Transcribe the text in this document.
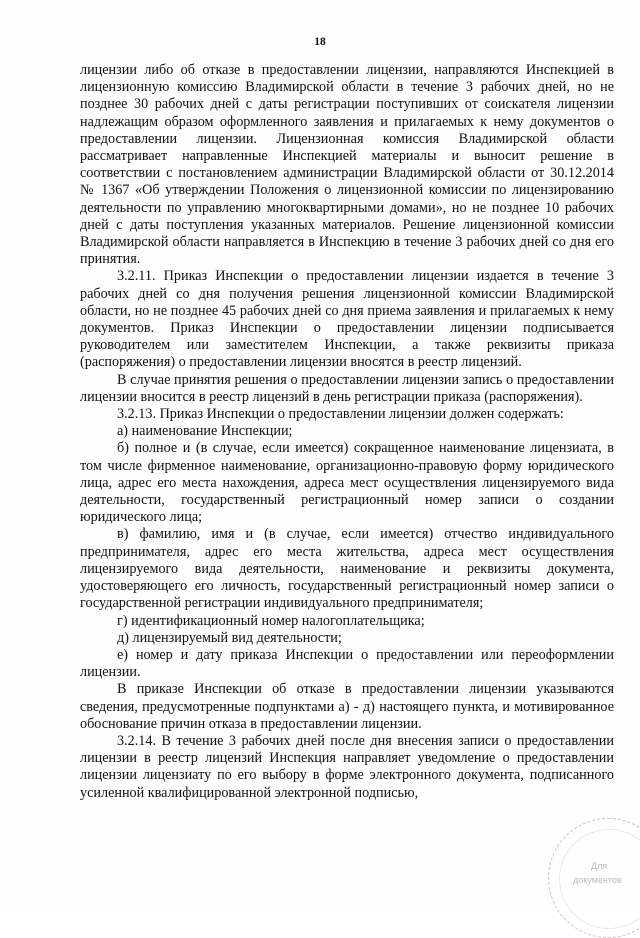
18

лицензии либо об отказе в предоставлении лицензии, направляются Инспекцией в лицензионную комиссию Владимирской области в течение 3 рабочих дней, но не позднее 30 рабочих дней с даты регистрации поступивших от соискателя лицензии надлежащим образом оформленного заявления и прилагаемых к нему документов о предоставлении лицензии. Лицензионная комиссия Владимирской области рассматривает направленные Инспекцией материалы и выносит решение в соответствии с постановлением администрации Владимирской области от 30.12.2014 № 1367 «Об утверждении Положения о лицензионной комиссии по лицензированию деятельности по управлению многоквартирными домами», но не позднее 10 рабочих дней с даты поступления указанных материалов. Решение лицензионной комиссии Владимирской области направляется в Инспекцию в течение 3 рабочих дней со дня его принятия.

3.2.11. Приказ Инспекции о предоставлении лицензии издается в течение 3 рабочих дней со дня получения решения лицензионной комиссии Владимирской области, но не позднее 45 рабочих дней со дня приема заявления и прилагаемых к нему документов. Приказ Инспекции о предоставлении лицензии подписывается руководителем или заместителем Инспекции, а также реквизиты приказа (распоряжения) о предоставлении лицензии вносятся в реестр лицензий.

В случае принятия решения о предоставлении лицензии запись о предоставлении лицензии вносится в реестр лицензий в день регистрации приказа (распоряжения).

3.2.13. Приказ Инспекции о предоставлении лицензии должен содержать:

а) наименование Инспекции;

б) полное и (в случае, если имеется) сокращенное наименование лицензиата, в том числе фирменное наименование, организационно-правовую форму юридического лица, адрес его места нахождения, адреса мест осуществления лицензируемого вида деятельности, государственный регистрационный номер записи о создании юридического лица;

в) фамилию, имя и (в случае, если имеется) отчество индивидуального предпринимателя, адрес его места жительства, адреса мест осуществления лицензируемого вида деятельности, наименование и реквизиты документа, удостоверяющего его личность, государственный регистрационный номер записи о государственной регистрации индивидуального предпринимателя;

г) идентификационный номер налогоплательщика;

д) лицензируемый вид деятельности;

е) номер и дату приказа Инспекции о предоставлении или переоформлении лицензии.

В приказе Инспекции об отказе в предоставлении лицензии указываются сведения, предусмотренные подпунктами а) - д) настоящего пункта, и мотивированное обоснование причин отказа в предоставлении лицензии.

3.2.14. В течение 3 рабочих дней после дня внесения записи о предоставлении лицензии в реестр лицензий Инспекция направляет уведомление о предоставлении лицензии лицензиату по его выбору в форме электронного документа, подписанного усиленной квалифицированной электронной подписью,

Для
документов
